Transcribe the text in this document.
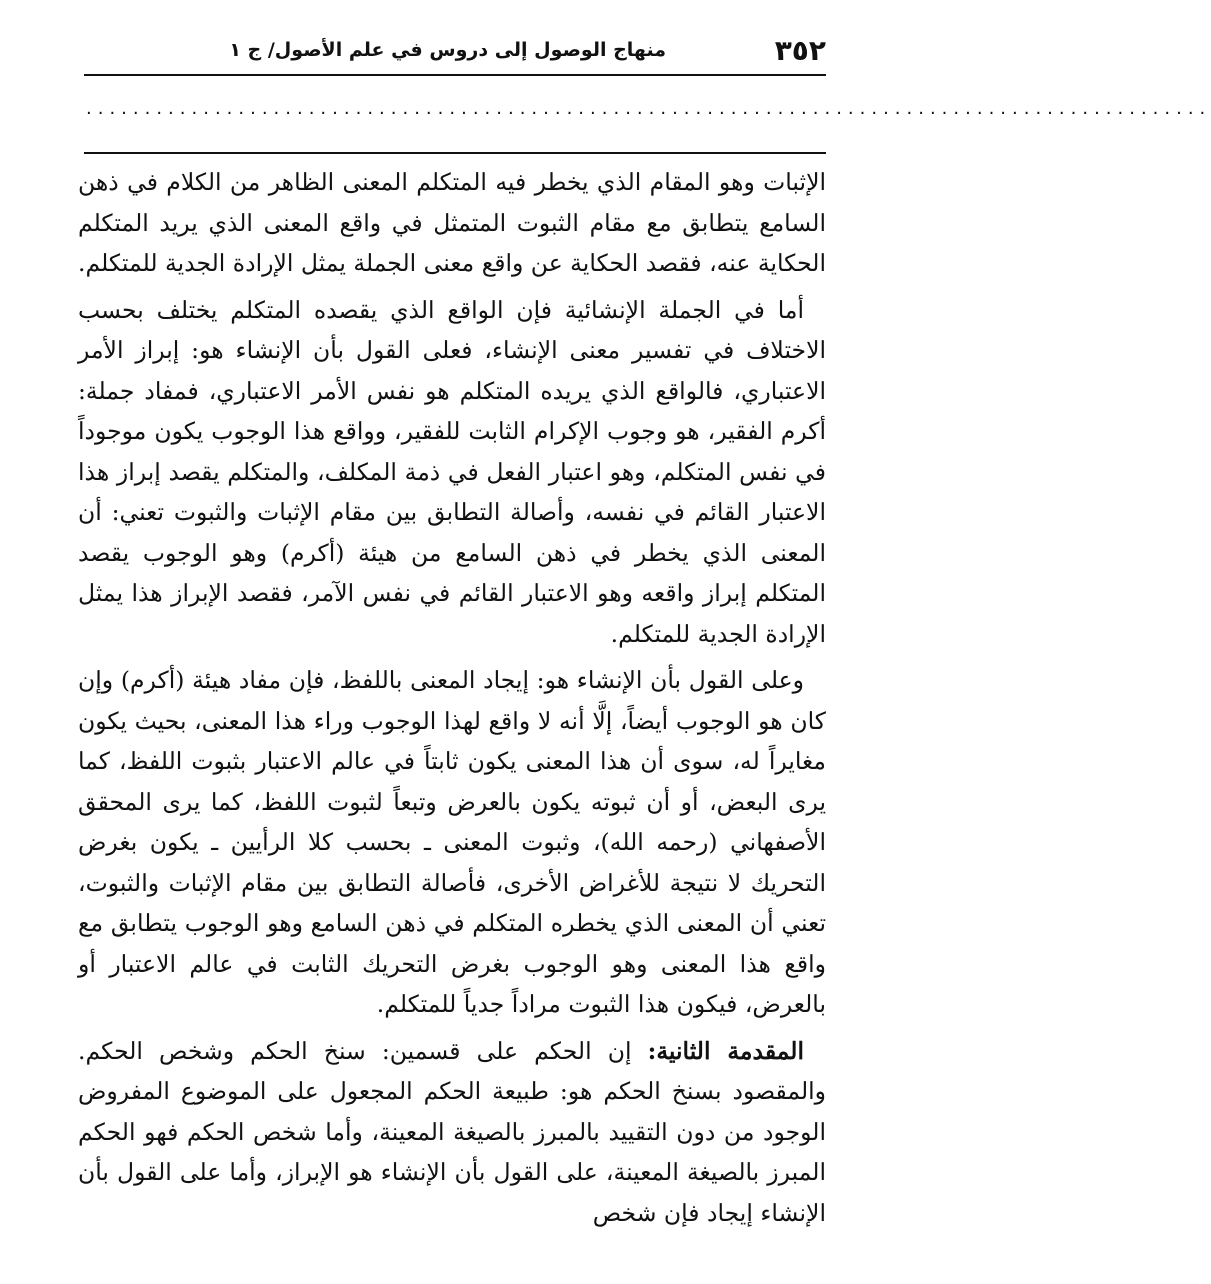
٣٥٢
منهاج الوصول إلى دروس في علم الأصول/ ج ١
................................................................................................

الإثبات وهو المقام الذي يخطر فيه المتكلم المعنى الظاهر من الكلام في ذهن السامع يتطابق مع مقام الثبوت المتمثل في واقع المعنى الذي يريد المتكلم الحكاية عنه، فقصد الحكاية عن واقع معنى الجملة يمثل الإرادة الجدية للمتكلم.

أما في الجملة الإنشائية فإن الواقع الذي يقصده المتكلم يختلف بحسب الاختلاف في تفسير معنى الإنشاء، فعلى القول بأن الإنشاء هو: إبراز الأمر الاعتباري، فالواقع الذي يريده المتكلم هو نفس الأمر الاعتباري، فمفاد جملة: أكرم الفقير، هو وجوب الإكرام الثابت للفقير، وواقع هذا الوجوب يكون موجوداً في نفس المتكلم، وهو اعتبار الفعل في ذمة المكلف، والمتكلم يقصد إبراز هذا الاعتبار القائم في نفسه، وأصالة التطابق بين مقام الإثبات والثبوت تعني: أن المعنى الذي يخطر في ذهن السامع من هيئة (أكرم) وهو الوجوب يقصد المتكلم إبراز واقعه وهو الاعتبار القائم في نفس الآمر، فقصد الإبراز هذا يمثل الإرادة الجدية للمتكلم.

وعلى القول بأن الإنشاء هو: إيجاد المعنى باللفظ، فإن مفاد هيئة (أكرم) وإن كان هو الوجوب أيضاً، إلَّا أنه لا واقع لهذا الوجوب وراء هذا المعنى، بحيث يكون مغايراً له، سوى أن هذا المعنى يكون ثابتاً في عالم الاعتبار بثبوت اللفظ، كما يرى البعض، أو أن ثبوته يكون بالعرض وتبعاً لثبوت اللفظ، كما يرى المحقق الأصفهاني (رحمه الله)، وثبوت المعنى ـ بحسب كلا الرأيين ـ يكون بغرض التحريك لا نتيجة للأغراض الأخرى، فأصالة التطابق بين مقام الإثبات والثبوت، تعني أن المعنى الذي يخطره المتكلم في ذهن السامع وهو الوجوب يتطابق مع واقع هذا المعنى وهو الوجوب بغرض التحريك الثابت في عالم الاعتبار أو بالعرض، فيكون هذا الثبوت مراداً جدياً للمتكلم.

المقدمة الثانية: إن الحكم على قسمين: سنخ الحكم وشخص الحكم. والمقصود بسنخ الحكم هو: طبيعة الحكم المجعول على الموضوع المفروض الوجود من دون التقييد بالمبرز بالصيغة المعينة، وأما شخص الحكم فهو الحكم المبرز بالصيغة المعينة، على القول بأن الإنشاء هو الإبراز، وأما على القول بأن الإنشاء إيجاد فإن شخص
